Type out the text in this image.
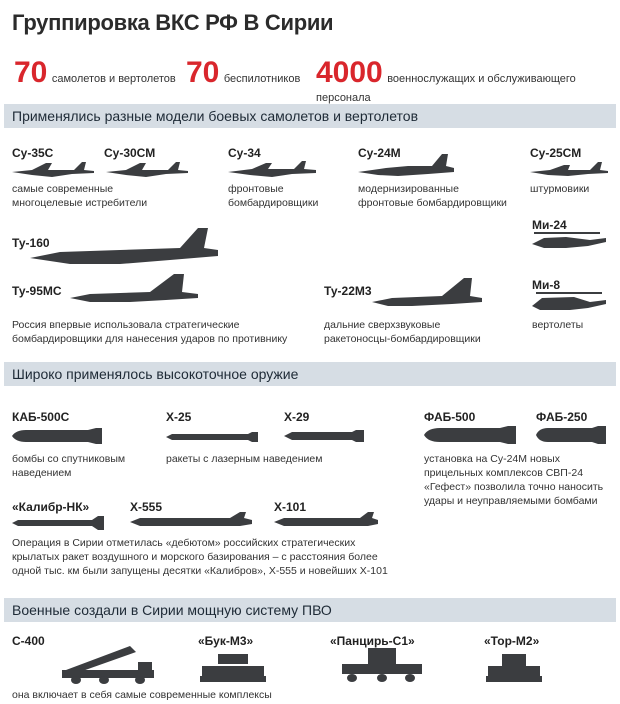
Группировка ВКС РФ В Сирии
70 самолетов и вертолетов 70 беспилотников 4000 военнослужащих и обслуживающего персонала
Применялись разные модели боевых самолетов и вертолетов
Су-35С	Су-30СМ	Су-34	Су-24М	Су-25СМ
самые современные
многоцелевые истребители
фронтовые
бомбардировщики
модернизированные
фронтовые бомбардировщики
штурмовики
Ту-160
Ми-24
Ту-95МС	Ту-22М3	Ми-8
Россия впервые использовала стратегические
бомбардировщики для нанесения ударов по противнику
дальние сверхзвуковые
ракетоносцы-бомбардировщики
вертолеты
Широко применялось высокоточное оружие
КАБ-500С	Х-25	Х-29	ФАБ-500	ФАБ-250
бомбы со спутниковым
наведением
ракеты с лазерным наведением	установка на Су-24М новых
прицельных комплексов СВП-24
«Гефест» позволила точно наносить
удары и неуправляемыми бомбами
«Калибр-НК»	Х-555	Х-101
Операция в Сирии отметилась «дебютом» российских стратегических
крылатых ракет воздушного и морского базирования – с расстояния более
одной тыс. км были запущены десятки «Калибров», Х-555 и новейших Х-101
Военные создали в Сирии мощную систему ПВО
С-400	«Бук-М3»	«Панцирь-С1»	«Тор-М2»
она включает в себя самые современные комплексы
